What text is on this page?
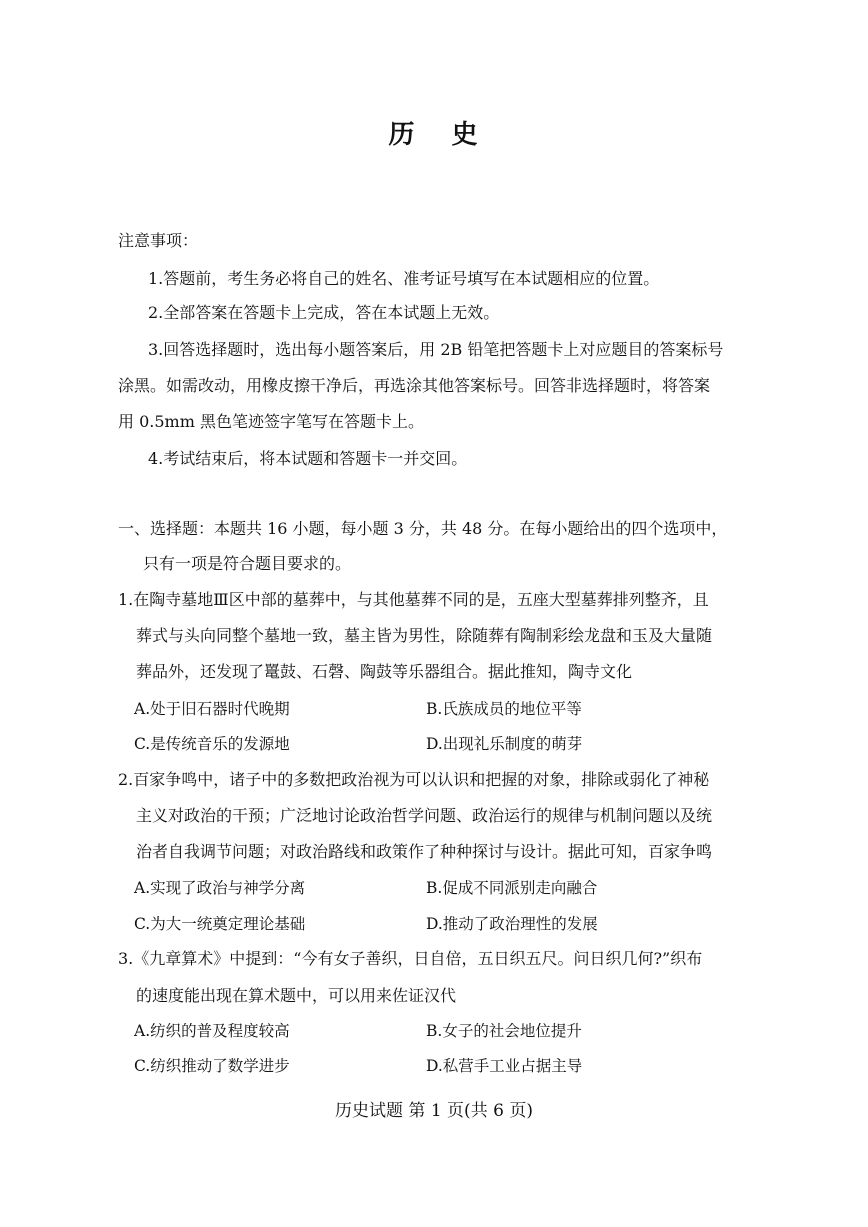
历 史
注意事项：
1.答题前，考生务必将自己的姓名、准考证号填写在本试题相应的位置。
2.全部答案在答题卡上完成，答在本试题上无效。
3.回答选择题时，选出每小题答案后，用 2B 铅笔把答题卡上对应题目的答案标号
涂黑。如需改动，用橡皮擦干净后，再选涂其他答案标号。回答非选择题时，将答案
用 0.5mm 黑色笔迹签字笔写在答题卡上。
4.考试结束后，将本试题和答题卡一并交回。
一、选择题：本题共 16 小题，每小题 3 分，共 48 分。在每小题给出的四个选项中，
只有一项是符合题目要求的。
1.在陶寺墓地Ⅲ区中部的墓葬中，与其他墓葬不同的是，五座大型墓葬排列整齐，且
葬式与头向同整个墓地一致，墓主皆为男性，除随葬有陶制彩绘龙盘和玉及大量随
葬品外，还发现了鼍鼓、石磬、陶鼓等乐器组合。据此推知，陶寺文化
A.处于旧石器时代晚期	B.氏族成员的地位平等
C.是传统音乐的发源地	D.出现礼乐制度的萌芽
2.百家争鸣中，诸子中的多数把政治视为可以认识和把握的对象，排除或弱化了神秘
主义对政治的干预；广泛地讨论政治哲学问题、政治运行的规律与机制问题以及统
治者自我调节问题；对政治路线和政策作了种种探讨与设计。据此可知，百家争鸣
A.实现了政治与神学分离	B.促成不同派别走向融合
C.为大一统奠定理论基础	D.推动了政治理性的发展
3.《九章算术》中提到：“今有女子善织，日自倍，五日织五尺。问日织几何?”织布
的速度能出现在算术题中，可以用来佐证汉代
A.纺织的普及程度较高	B.女子的社会地位提升
C.纺织推动了数学进步	D.私营手工业占据主导
历史试题 第 1 页(共 6 页)
